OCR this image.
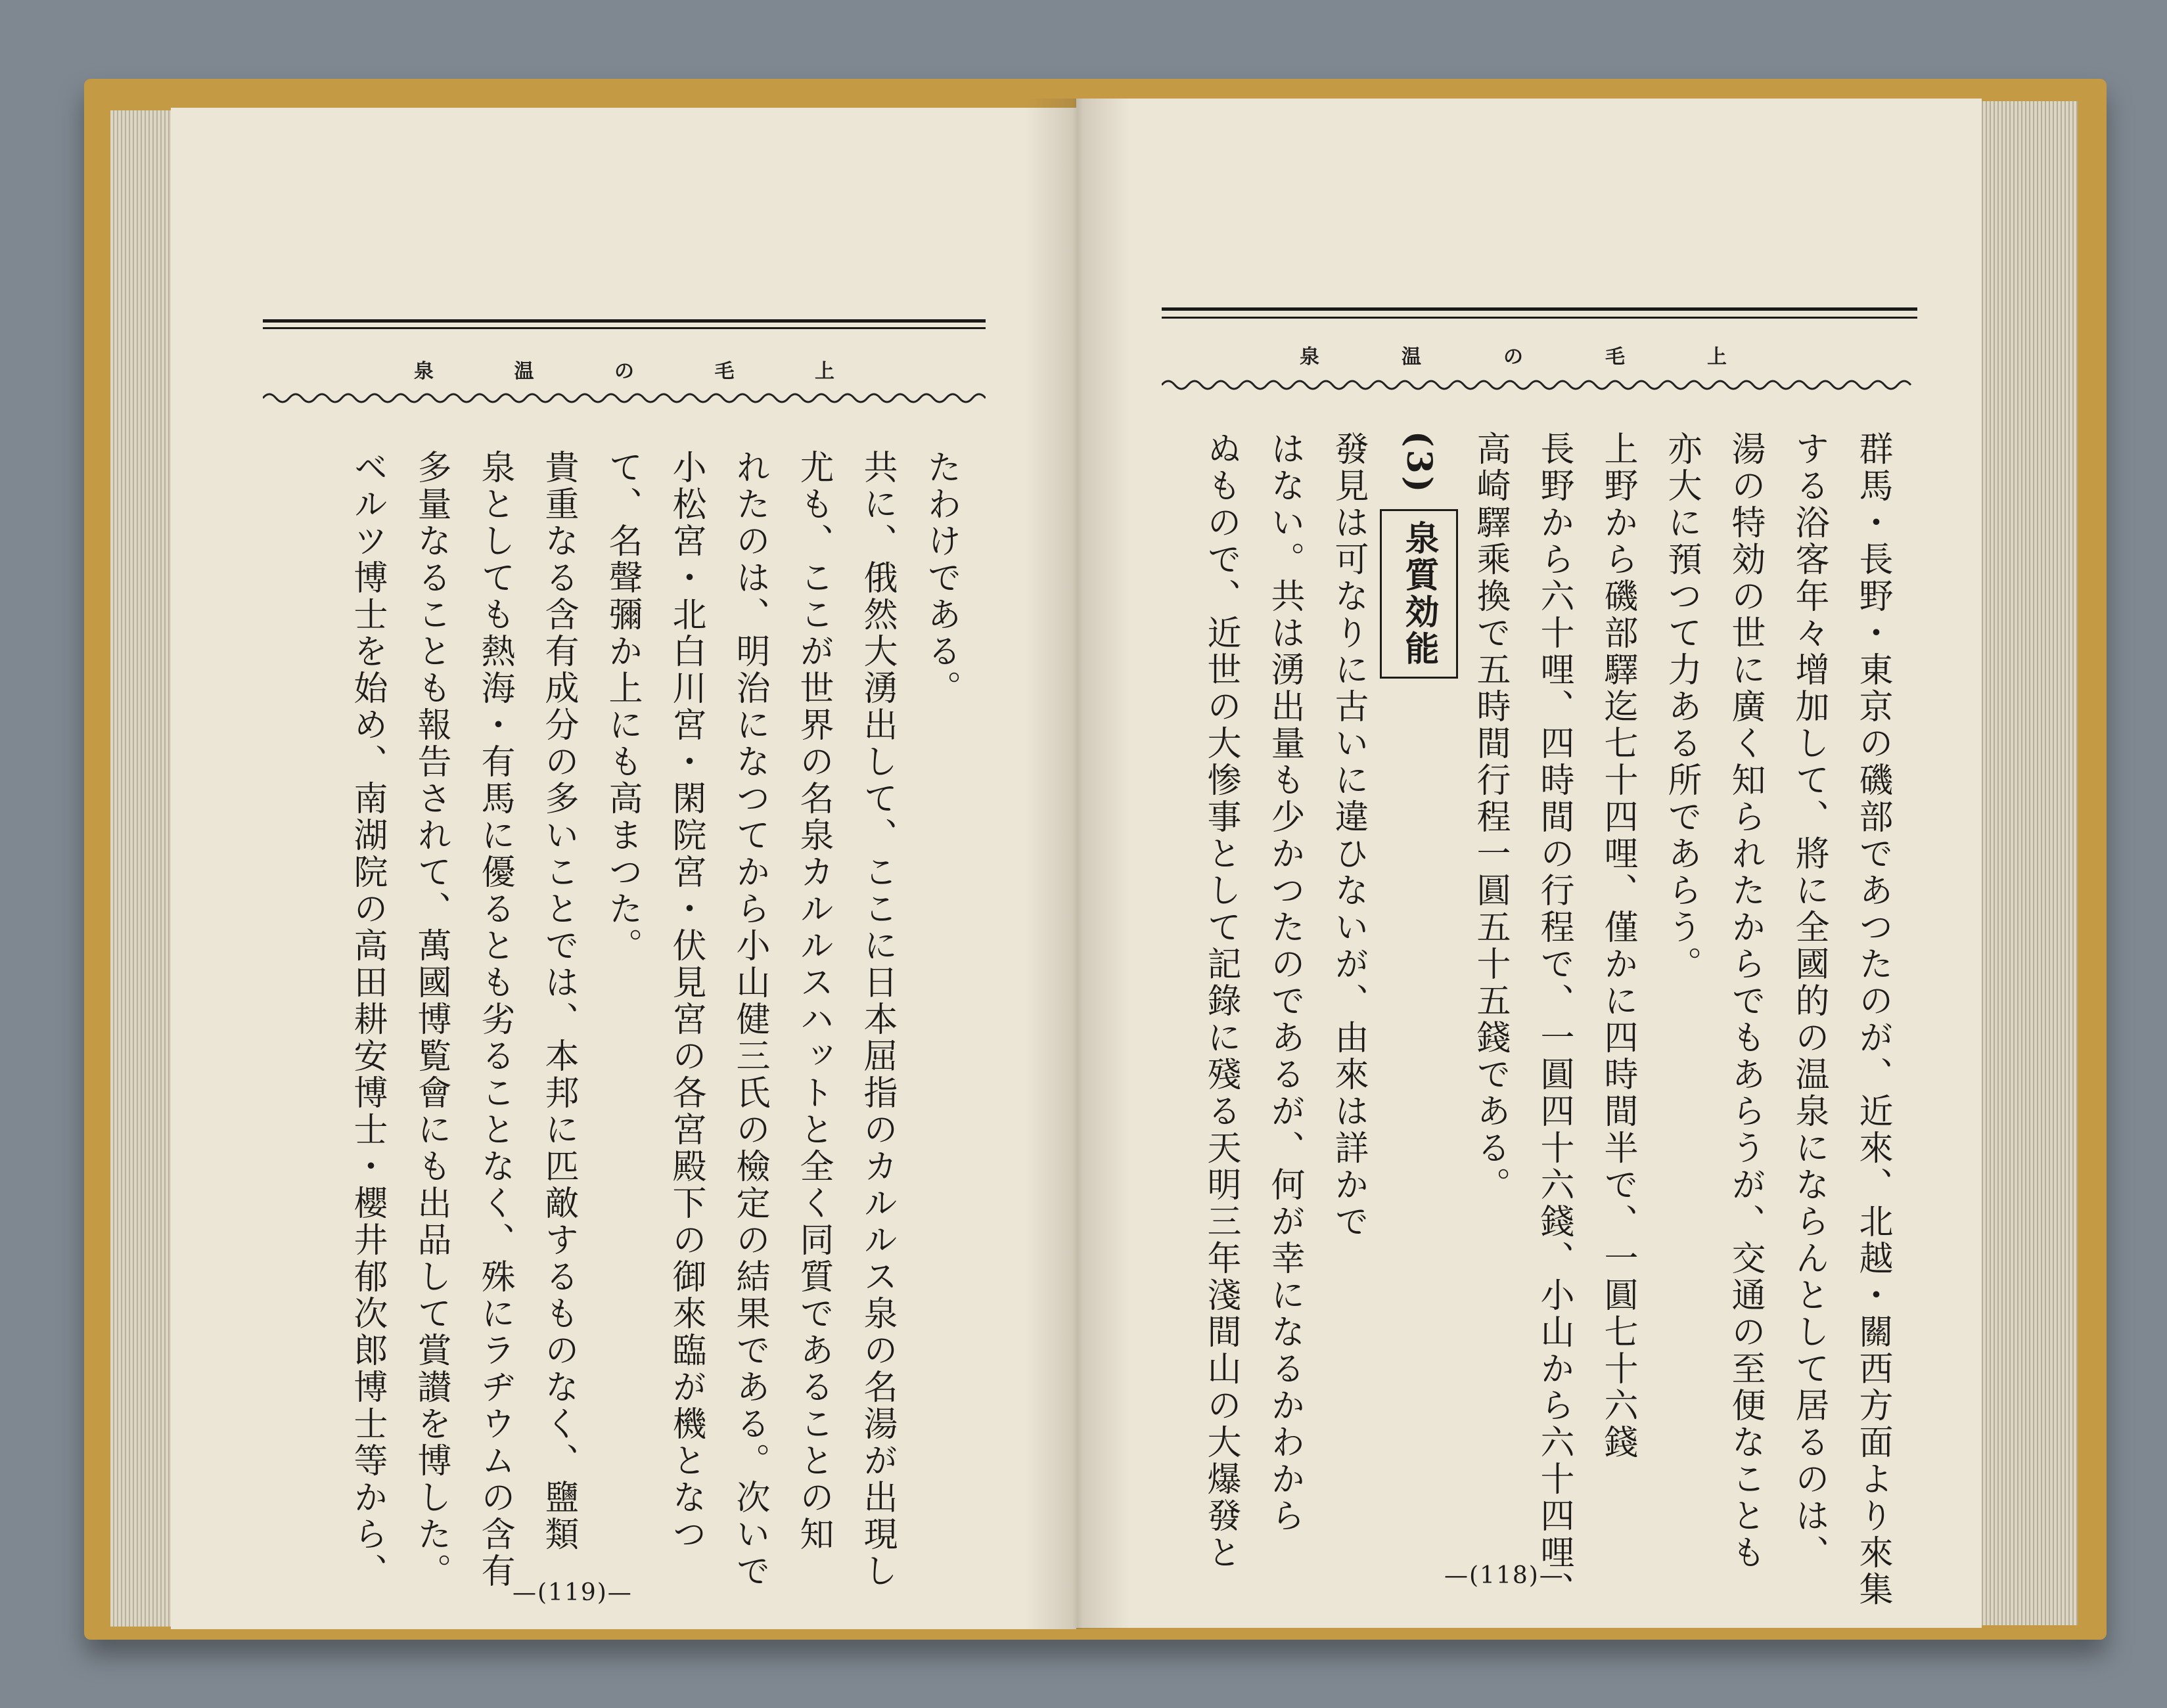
上
毛
の
温
泉

たわけである。

共に、俄然大湧出して、ここに日本屈指のカルルス泉の名湯が出現し

尤も、ここが世界の名泉カルルスハットと全く同質であることの知

れたのは、明治になつてから小山健三氏の檢定の結果である。次いで

小松宮・北白川宮・閑院宮・伏見宮の各宮殿下の御來臨が機となつ

て、名聲彌か上にも高まつた。

貴重なる含有成分の多いことでは、本邦に匹敵するものなく、鹽類

泉としても熱海・有馬に優るとも劣ることなく、殊にラヂウムの含有

多量なることも報告されて、萬國博覧會にも出品して賞讃を博した。

ベルツ博士を始め、南湖院の高田耕安博士・櫻井郁次郎博士等から、

—(119)—
上
毛
の
温
泉

群馬・長野・東京の磯部であつたのが、近來、北越・關西方面より來集

する浴客年々增加して、將に全國的の温泉にならんとして居るのは、

湯の特効の世に廣く知られたからでもあらうが、交通の至便なことも

亦大に預つて力ある所であらう。

上野から磯部驛迄七十四哩、僅かに四時間半で、一圓七十六錢

長野から六十哩、四時間の行程で、一圓四十六錢、小山から六十四哩、

高崎驛乘換で五時間行程一圓五十五錢である。

(3)泉質効能

發見は可なりに古いに違ひないが、由來は詳かで

はない。共は湧出量も少かつたのであるが、何が幸になるかわから

ぬもので、近世の大惨事として記錄に殘る天明三年淺間山の大爆發と

—(118)—
